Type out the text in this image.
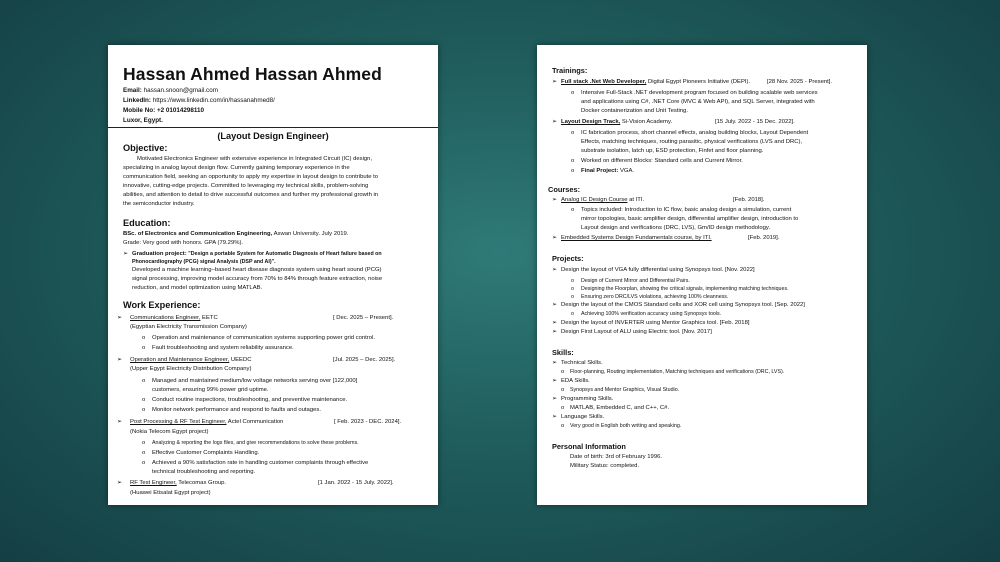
Hassan Ahmed Hassan Ahmed
Email: hassan.snoon@gmail.com
LinkedIn: https://www.linkedin.com/in/hassanahmed8/
Mobile No: +2 01014298110
Luxor, Egypt.
(Layout Design Engineer)
Objective:
Motivated Electronics Engineer with extensive experience in Integrated Circuit (IC) design,
specializing in analog layout design flow. Currently gaining temporary experience in the
communication field, seeking an opportunity to apply my expertise in layout design to contribute to
innovative, cutting-edge projects. Committed to leveraging my technical skills, problem-solving
abilities, and attention to detail to drive successful outcomes and further my professional growth in
the semiconductor industry.
Education:
BSc. of Electronics and Communication Engineering, Aswan University. July 2019.
Grade: Very good with honors. GPA (79.29%).
➢ Graduation project: "Design a portable System for Automatic Diagnosis of Heart failure based on
Phonocardiography (PCG) signal Analysis (DSP and AI)".
Developed a machine learning–based heart disease diagnosis system using heart sound (PCG)
signal processing, improving model accuracy from 70% to 84% through feature extraction, noise
reduction, and model optimization using MATLAB.
Work Experience:
➢ Communications Engineer, EETC	[ Dec. 2025 – Present].
(Egyptian Electricity Transmission Company)
o Operation and maintenance of communication systems supporting power grid control.
o Fault troubleshooting and system reliability assurance.
➢ Operation and Maintenance Engineer, UEEDC	[Jul. 2025 – Dec. 2025].
(Upper Egypt Electricity Distribution Company)
o Managed and maintained medium/low voltage networks serving over [122,000]
customers, ensuring 99% power grid uptime.
o Conduct routine inspections, troubleshooting, and preventive maintenance.
o Monitor network performance and respond to faults and outages.
➢ Post Processing & RF Test Engineer, Actel Communication	[ Feb. 2023 - DEC. 2024].
(Nokia Telecom Egypt project)
o Analyzing & reporting the logs files, and give recommendations to solve these problems.
o Effective Customer Complaints Handling.
o Achieved a 90% satisfaction rate in handling customer complaints through effective
technical troubleshooting and reporting.
➢ RF Test Engineer, Telecomax Group.	[1 Jan. 2022 - 15 July. 2022].
(Huawei Etisalat Egypt project)
Trainings:
➢ Full stack .Net Web Developer, Digital Egypt Pioneers Initiative (DEPI).	[28 Nov. 2025 - Present].
o Intensive Full-Stack .NET development program focused on building scalable web services
and applications using C#, .NET Core (MVC & Web API), and SQL Server, integrated with
Docker containerization and Unit Testing.
➢ Layout Design Track, Si-Vision Academy.	[15 July. 2022 - 15 Dec. 2022].
o IC fabrication process, short channel effects, analog building blocks, Layout Dependent
Effects, matching techniques, routing parasitic, physical verifications (LVS and DRC),
substrate isolation, latch up, ESD protection, Finfet and floor planning.
o Worked on different Blocks: Standard cells and Current Mirror.
o Final Project: VGA.
Courses:
➢ Analog IC Design Course at ITI.	[Feb. 2018].
o Topics included: Introduction to IC flow, basic analog design a simulation, current
mirror topologies, basic amplifier design, differential amplifier design, introduction to
Layout design and verifications (DRC, LVS), Gm/ID design methodology.
➢ Embedded Systems Design Fundamentals course, by ITI.	[Feb. 2019].
Projects:
➢ Design the layout of VGA fully differential using Synopsys tool. [Nov. 2022]
o Design of Current Mirror and Differential Pairs.
o Designing the Floorplan, showing the critical signals, implementing matching techniques.
o Ensuring zero DRC/LVS violations, achieving 100% cleanness.
➢ Design the layout of the CMOS Standard cells and XOR cell using Synopsys tool. [Sep. 2022]
o Achieving 100% verification accuracy using Synopsys tools.
➢ Design the layout of INVERTER using Mentor Graphics tool. [Feb. 2018]
➢ Design First Layout of ALU using Electric tool. [Nov. 2017]
Skills:
➢ Technical Skills.
o Floor-planning, Routing implementation, Matching techniques and verifications (DRC, LVS).
➢ EDA Skills.
o Synopsys and Mentor Graphics, Visual Studio.
➢ Programming Skills.
o MATLAB, Embedded C, and C++, C#.
➢ Language Skills.
o Very good in English both writing and speaking.
Personal Information
Date of birth: 3rd of February 1996.
Military Status: completed.
